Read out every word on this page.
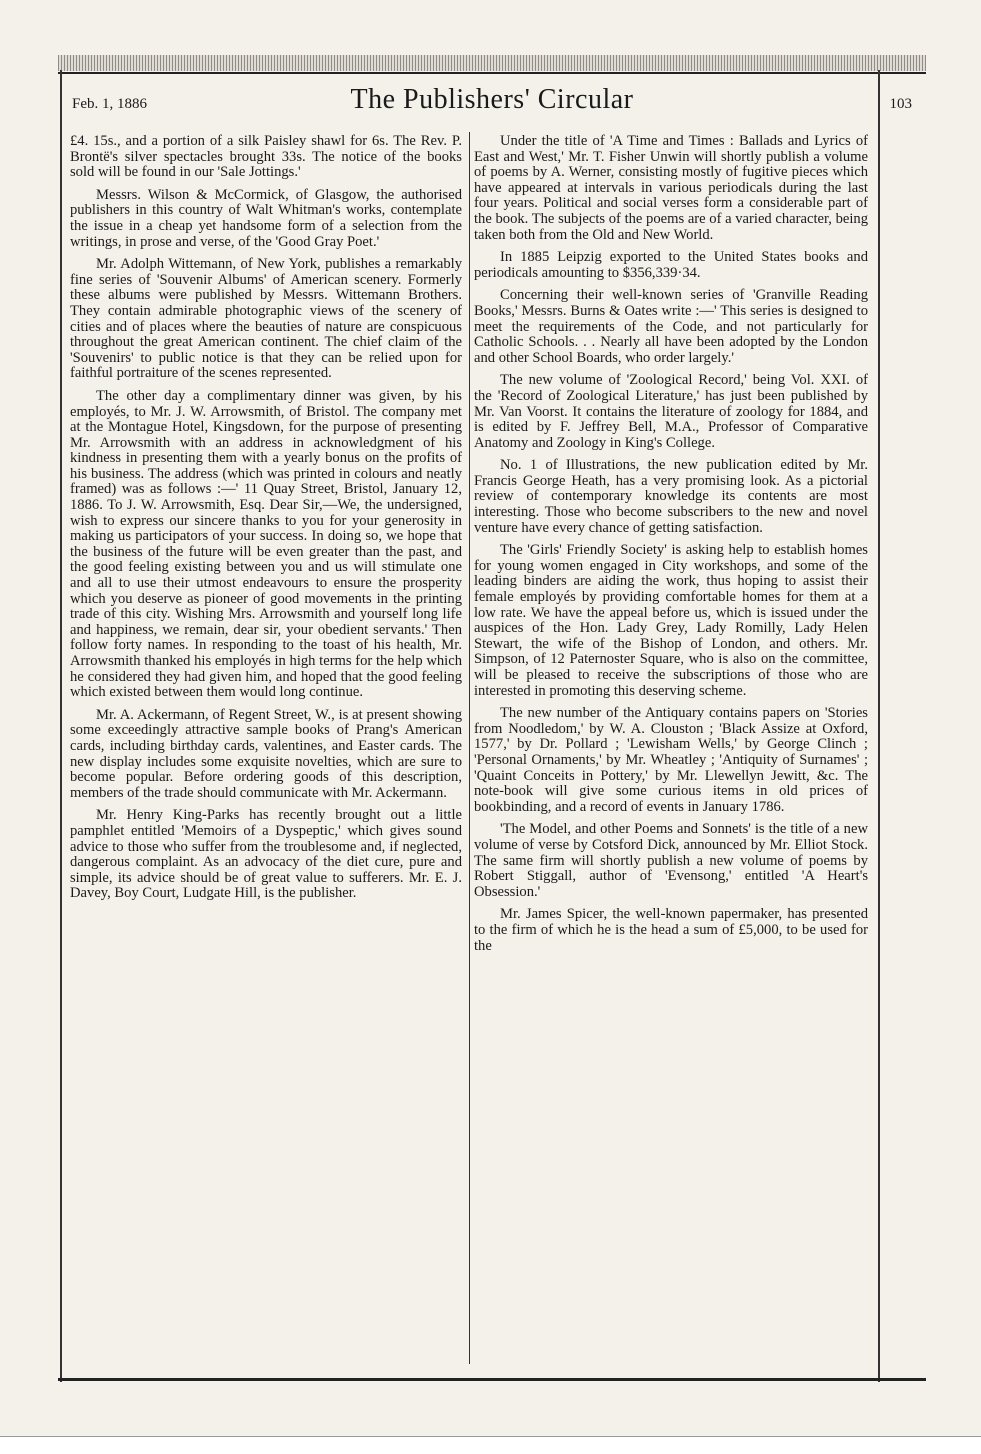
Feb. 1, 1886	The Publishers' Circular	103

£4. 15s., and a portion of a silk Paisley shawl for 6s. The Rev. P. Brontë's silver spectacles brought 33s. The notice of the books sold will be found in our 'Sale Jottings.'

Messrs. Wilson & McCormick, of Glasgow, the authorised publishers in this country of Walt Whitman's works, contemplate the issue in a cheap yet handsome form of a selection from the writings, in prose and verse, of the 'Good Gray Poet.'

Mr. Adolph Wittemann, of New York, publishes a remarkably fine series of 'Souvenir Albums' of American scenery. Formerly these albums were published by Messrs. Wittemann Brothers. They contain admirable photographic views of the scenery of cities and of places where the beauties of nature are conspicuous throughout the great American continent. The chief claim of the 'Souvenirs' to public notice is that they can be relied upon for faithful portraiture of the scenes represented.

The other day a complimentary dinner was given, by his employés, to Mr. J. W. Arrowsmith, of Bristol. The company met at the Montague Hotel, Kingsdown, for the purpose of presenting Mr. Arrowsmith with an address in acknowledgment of his kindness in presenting them with a yearly bonus on the profits of his business. The address (which was printed in colours and neatly framed) was as follows :—' 11 Quay Street, Bristol, January 12, 1886. To J. W. Arrowsmith, Esq. Dear Sir,—We, the undersigned, wish to express our sincere thanks to you for your generosity in making us participators of your success. In doing so, we hope that the business of the future will be even greater than the past, and the good feeling existing between you and us will stimulate one and all to use their utmost endeavours to ensure the prosperity which you deserve as pioneer of good movements in the printing trade of this city. Wishing Mrs. Arrowsmith and yourself long life and happiness, we remain, dear sir, your obedient servants.' Then follow forty names. In responding to the toast of his health, Mr. Arrowsmith thanked his employés in high terms for the help which he considered they had given him, and hoped that the good feeling which existed between them would long continue.

Mr. A. Ackermann, of Regent Street, W., is at present showing some exceedingly attractive sample books of Prang's American cards, including birthday cards, valentines, and Easter cards. The new display includes some exquisite novelties, which are sure to become popular. Before ordering goods of this description, members of the trade should communicate with Mr. Ackermann.

Mr. Henry King-Parks has recently brought out a little pamphlet entitled 'Memoirs of a Dyspeptic,' which gives sound advice to those who suffer from the troublesome and, if neglected, dangerous complaint. As an advocacy of the diet cure, pure and simple, its advice should be of great value to sufferers. Mr. E. J. Davey, Boy Court, Ludgate Hill, is the publisher.

Under the title of 'A Time and Times : Ballads and Lyrics of East and West,' Mr. T. Fisher Unwin will shortly publish a volume of poems by A. Werner, consisting mostly of fugitive pieces which have appeared at intervals in various periodicals during the last four years. Political and social verses form a considerable part of the book. The subjects of the poems are of a varied character, being taken both from the Old and New World.

In 1885 Leipzig exported to the United States books and periodicals amounting to $356,339·34.

Concerning their well-known series of 'Granville Reading Books,' Messrs. Burns & Oates write :—' This series is designed to meet the requirements of the Code, and not particularly for Catholic Schools. . . Nearly all have been adopted by the London and other School Boards, who order largely.'

The new volume of 'Zoological Record,' being Vol. XXI. of the 'Record of Zoological Literature,' has just been published by Mr. Van Voorst. It contains the literature of zoology for 1884, and is edited by F. Jeffrey Bell, M.A., Professor of Comparative Anatomy and Zoology in King's College.

No. 1 of Illustrations, the new publication edited by Mr. Francis George Heath, has a very promising look. As a pictorial review of contemporary knowledge its contents are most interesting. Those who become subscribers to the new and novel venture have every chance of getting satisfaction.

The 'Girls' Friendly Society' is asking help to establish homes for young women engaged in City workshops, and some of the leading binders are aiding the work, thus hoping to assist their female employés by providing comfortable homes for them at a low rate. We have the appeal before us, which is issued under the auspices of the Hon. Lady Grey, Lady Romilly, Lady Helen Stewart, the wife of the Bishop of London, and others. Mr. Simpson, of 12 Paternoster Square, who is also on the committee, will be pleased to receive the subscriptions of those who are interested in promoting this deserving scheme.

The new number of the Antiquary contains papers on 'Stories from Noodledom,' by W. A. Clouston ; 'Black Assize at Oxford, 1577,' by Dr. Pollard ; 'Lewisham Wells,' by George Clinch ; 'Personal Ornaments,' by Mr. Wheatley ; 'Antiquity of Surnames' ; 'Quaint Conceits in Pottery,' by Mr. Llewellyn Jewitt, &c. The note-book will give some curious items in old prices of bookbinding, and a record of events in January 1786.

'The Model, and other Poems and Sonnets' is the title of a new volume of verse by Cotsford Dick, announced by Mr. Elliot Stock. The same firm will shortly publish a new volume of poems by Robert Stiggall, author of 'Evensong,' entitled 'A Heart's Obsession.'

Mr. James Spicer, the well-known papermaker, has presented to the firm of which he is the head a sum of £5,000, to be used for the
